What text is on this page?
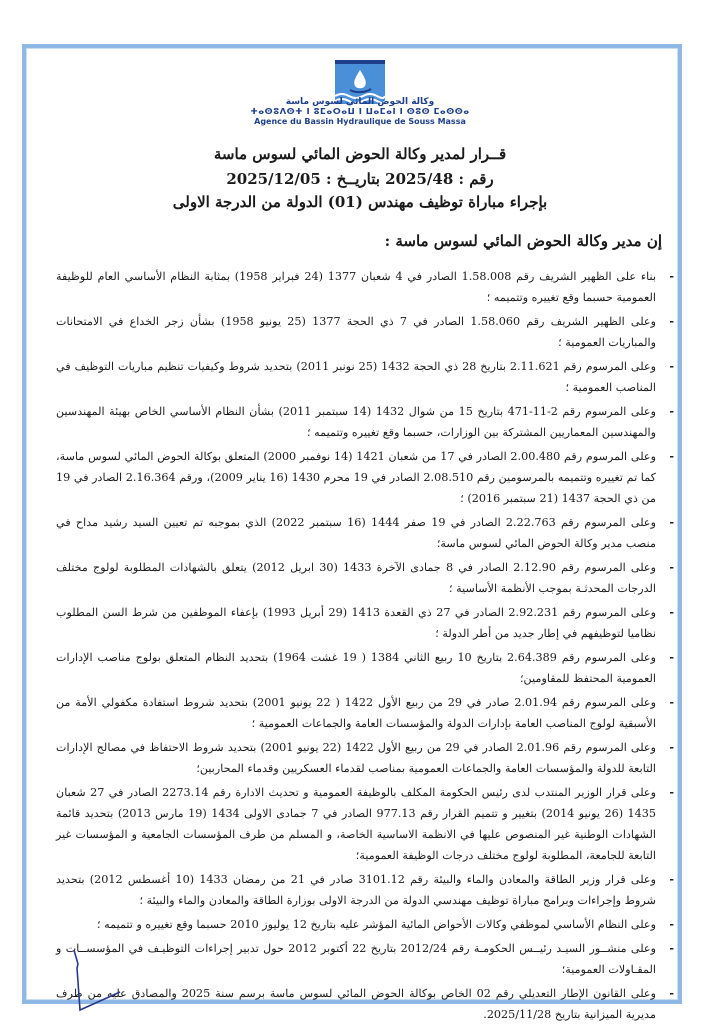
وكالة الحوض المائي لسوس ماسة
ⵜⴰⵙⵓⴷⵙⵜ ⵏ ⵓⵎⴰⵔⴰⵡ ⵏ ⵡⴰⵎⴰⵏ ⵏ ⵙⵓⵙ ⵎⴰⵙⵙⴰ
Agence du Bassin Hydraulique de Souss Massa
قــرار لمدير وكالة الحوض المائي لسوس ماسة
رقم : 2025/48 بتاريــخ : 2025/12/05
بإجراء مباراة توظيف مهندس (01) الدولة من الدرجة الاولى
إن مدير وكالة الحوض المائي لسوس ماسة :
-
بناء على الظهير الشريف رقم 1.58.008 الصادر في 4 شعبان 1377 (24 فبراير 1958) بمثابة النظام الأساسي العام للوظيفة العمومية حسبما وقع تغييره وتتميمه ؛
-
وعلى الظهير الشريف رقم 1.58.060 الصادر في 7 ذي الحجة 1377 (25 يونيو 1958) بشأن زجر الخداع في الامتحانات والمباريات العمومية ؛
-
وعلى المرسوم رقم 2.11.621 بتاريخ 28 ذي الحجة 1432 (25 نونبر 2011) بتحديد شروط وكيفيات تنظيم مباريات التوظيف في المناصب العمومية ؛
-
وعلى المرسوم رقم 2-11-471 بتاريخ 15 من شوال 1432 (14 سبتمبر 2011) بشأن النظام الأساسي الخاص بهيئة المهندسين والمهندسين المعماريين المشتركة بين الوزارات، حسبما وقع تغييره وتتميمه ؛
-
وعلى المرسوم رقم 2.00.480 الصادر في 17 من شعبان 1421 (14 نوفمبر 2000) المتعلق بوكالة الحوض المائي لسوس ماسة، كما تم تغييره وتتميمه بالمرسومين رقم 2.08.510 الصادر في 19 محرم 1430 (16 يناير 2009)، ورقم 2.16.364 الصادر في 19 من ذي الحجة 1437 (21 سبتمبر 2016) ؛
-
وعلى المرسوم رقم 2.22.763 الصادر في 19 صفر 1444 (16 سبتمبر 2022) الذي بموجبه تم تعيين السيد رشيد مداح في منصب مدير وكالة الحوض المائي لسوس ماسة؛
-
وعلى المرسوم رقم 2.12.90 الصادر في 8 جمادى الآخرة 1433 (30 ابريل 2012) يتعلق بالشهادات المطلوبة لولوج مختلف الدرجات المحدثـة بموجب الأنظمة الأساسية ؛
-
وعلى المرسوم رقم 2.92.231 الصادر في 27 ذي القعدة 1413 (29 أبريل 1993) بإعفاء الموظفين من شرط السن المطلوب نظاميا لتوظيفهم في إطار جديد من أطر الدولة ؛
-
وعلى المرسوم رقم 2.64.389 بتاريخ 10 ربيع الثاني 1384 ( 19 غشت 1964) بتحديد النظام المتعلق بولوج مناصب الإدارات العمومية المحتفظ للمقاومين؛
-
وعلى المرسوم رقم 2.01.94 صادر في 29 من ربيع الأول 1422 ( 22 يونيو 2001) بتحديد شروط استفادة مكفولي الأمة من الأسبقية لولوج المناصب العامة بإدارات الدولة والمؤسسات العامة والجماعات العمومية ؛
-
وعلى المرسوم رقم 2.01.96 الصادر في 29 من ربيع الأول 1422 (22 يونيو 2001) بتحديد شروط الاحتفاظ في مصالح الإدارات التابعة للدولة والمؤسسات العامة والجماعات العمومية بمناصب لقدماء العسكريين وقدماء المحاربين؛
-
وعلى قرار الوزير المنتدب لدى رئيس الحكومة المكلف بالوظيفة العمومية و تحديث الادارة رقم 2273.14 الصادر في 27 شعبان 1435 (26 يونيو 2014) بتغيير و تتميم القرار رقم 977.13 الصادر في 7 جمادى الاولى 1434 (19 مارس 2013) بتحديد قائمة الشهادات الوطنية غير المنصوص عليها في الانظمة الاساسية الخاصة، و المسلم من طرف المؤسسات الجامعية و المؤسسات غير التابعة للجامعة، المطلوبة لولوج مختلف درجات الوظيفة العمومية؛
-
وعلى قرار وزير الطاقة والمعادن والماء والبيئة رقم 3101.12 صادر في 21 من رمضان 1433 (10 أغسطس 2012) بتحديد شروط وإجراءات وبرامج مباراة توظيف مهندسي الدولة من الدرجة الاولى بوزارة الطاقة والمعادن والماء والبيئة ؛
-
وعلى النظام الأساسي لموظفي وكالات الأحواض المائية المؤشر عليه بتاريخ 12 يوليوز 2010 حسبما وقع تغييره و تتميمه ؛
-
وعلى منشــور السيـد رئيــس الحكومـة رقم 2012/24 بتاريخ 22 أكتوبر 2012 حول تدبير إجراءات التوظيـف في المؤسســات و المقـاولات العمومية؛
-
وعلى القانون الإطار التعديلي رقم 02 الخاص بوكالة الحوض المائي لسوس ماسة برسم سنة 2025 والمصادق عليه من طرف مديرية الميزانية بتاريخ 2025/11/28.
